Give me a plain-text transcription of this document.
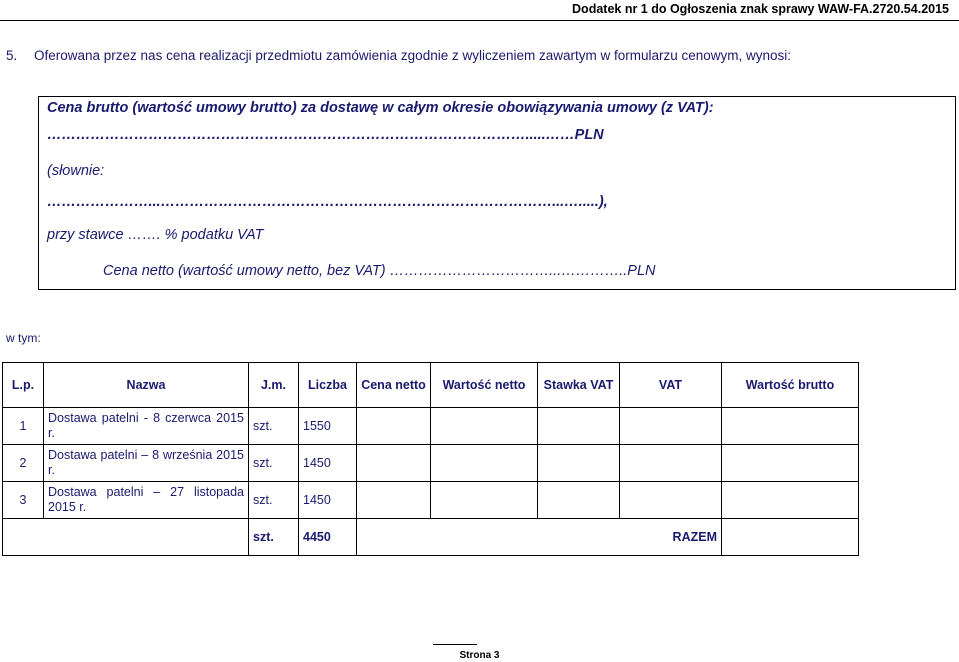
Dodatek nr 1 do Ogłoszenia znak sprawy WAW-FA.2720.54.2015
5. Oferowana przez nas cena realizacji przedmiotu zamówienia zgodnie z wyliczeniem zawartym w formularzu cenowym, wynosi:
Cena brutto (wartość umowy brutto) za dostawę w całym okresie obowiązywania umowy (z VAT):
……………………………………………………………………………………….....……PLN
(słownie:
…………………...………………………………………………………………………...….....),
przy stawce ……. % podatku VAT
Cena netto (wartość umowy netto, bez VAT) ……………………………...…………..PLN
w tym:
L.p.	Nazwa	J.m.	Liczba	Cena netto	Wartość netto	Stawka VAT	VAT	Wartość brutto
1	Dostawa patelni - 8 czerwca 2015 r.	szt.	1550					
2	Dostawa patelni – 8 września 2015 r.	szt.	1450					
3	Dostawa patelni – 27 listopada 2015 r.	szt.	1450					
		szt.	4450	RAZEM				
Strona 3
